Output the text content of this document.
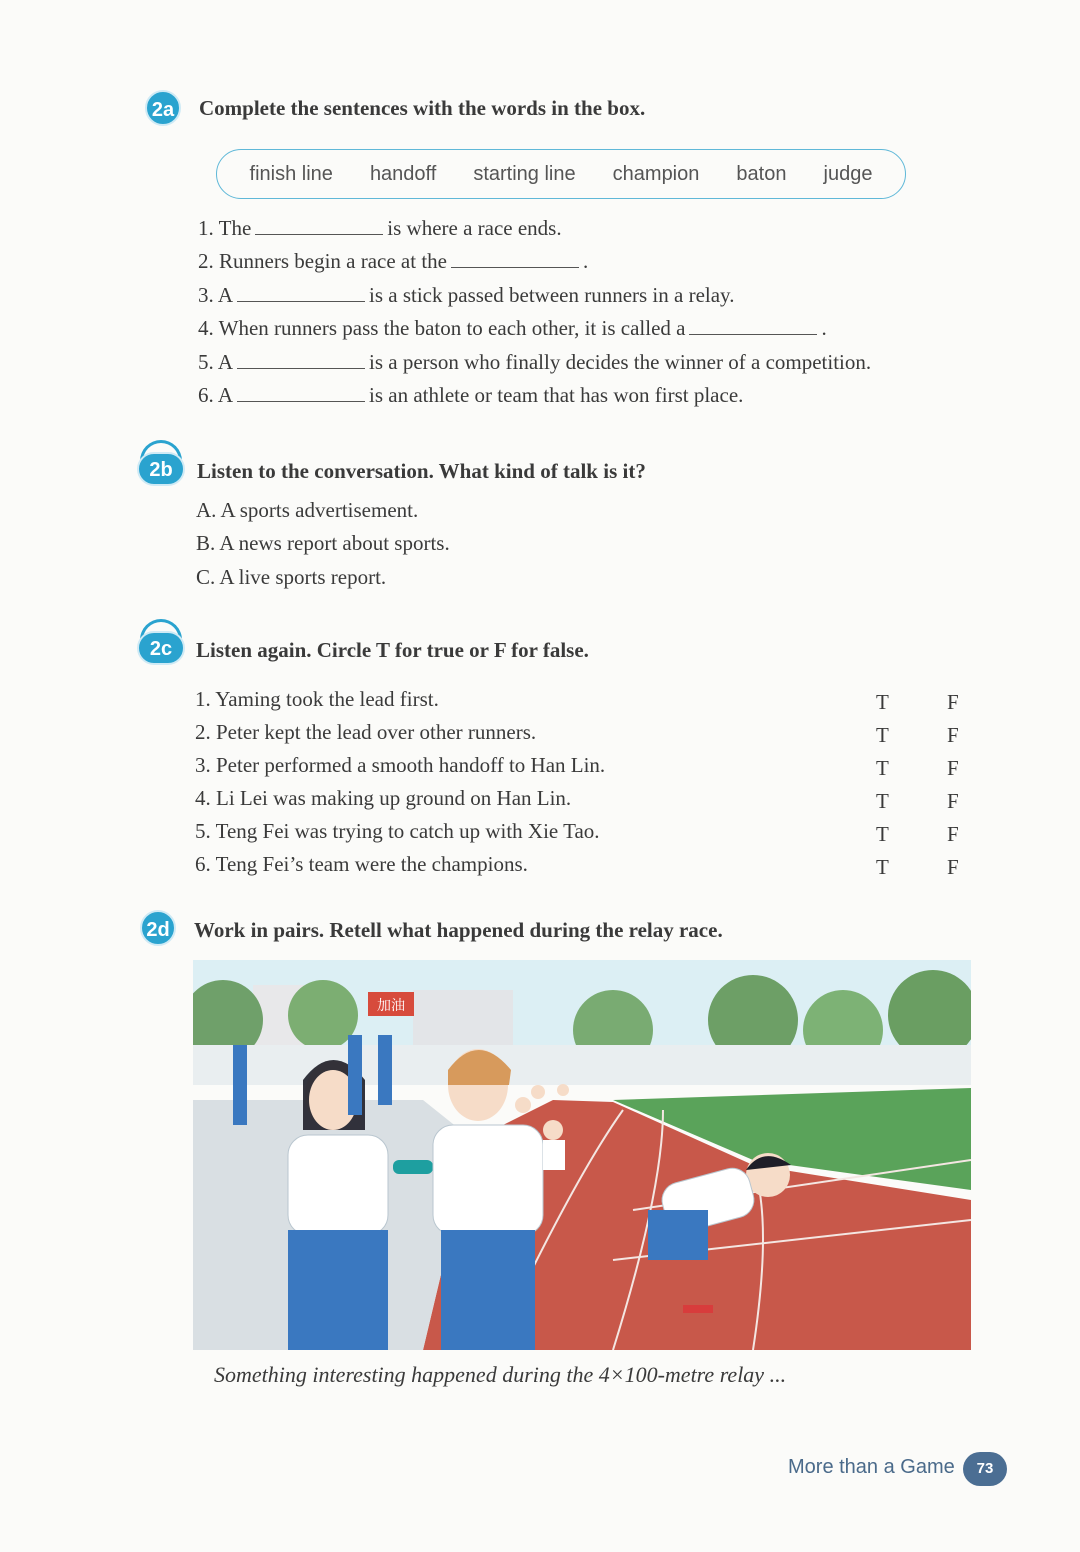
2a	Complete the sentences with the words in the box.
finish line handoff starting line champion baton judge
1. The	is where a race ends.
2. Runners begin a race at the	.
3. A	is a stick passed between runners in a relay.
4. When runners pass the baton to each other, it is called a	.
5. A	is a person who finally decides the winner of a competition.
6. A	is an athlete or team that has won first place.
2b	Listen to the conversation. What kind of talk is it?
A. A sports advertisement.
B. A news report about sports.
C. A live sports report.
2c	Listen again. Circle T for true or F for false.
1. Yaming took the lead first.	T	F
2. Peter kept the lead over other runners.	T	F
3. Peter performed a smooth handoff to Han Lin.	T	F
4. Li Lei was making up ground on Han Lin.	T	F
5. Teng Fei was trying to catch up with Xie Tao.	T	F
6. Teng Fei’s team were the champions.	T	F
2d	Work in pairs. Retell what happened during the relay race.
加油
Something interesting happened during the 4×100-metre relay ...
More than a Game	73
